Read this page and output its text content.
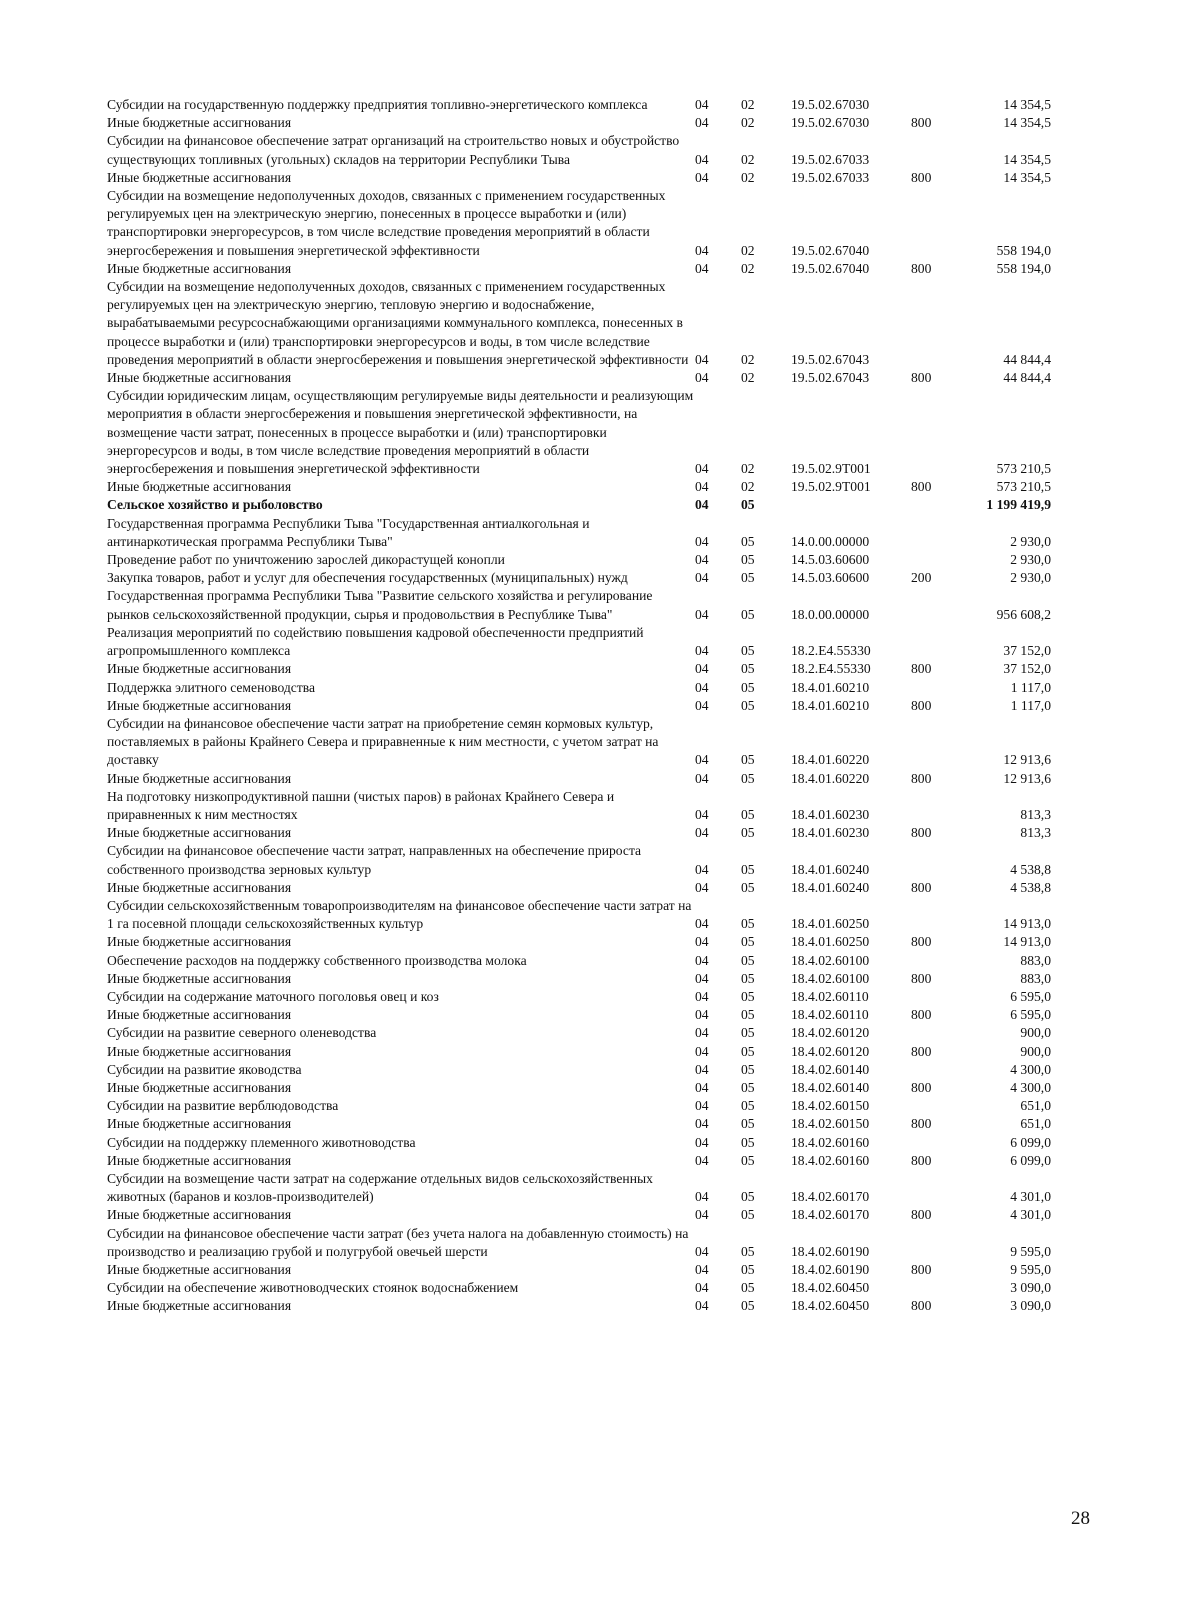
Субсидии на государственную поддержку предприятия топливно-энергетического комплекса	04	02	19.5.02.67030		14 354,5
Иные бюджетные ассигнования	04	02	19.5.02.67030	800	14 354,5
Субсидии на финансовое обеспечение затрат организаций на строительство новых и обустройство существующих топливных (угольных) складов на территории Республики Тыва	04	02	19.5.02.67033		14 354,5
Иные бюджетные ассигнования	04	02	19.5.02.67033	800	14 354,5
Субсидии на возмещение недополученных доходов, связанных с применением государственных регулируемых цен на электрическую энергию, понесенных в процессе выработки и (или) транспортировки энергоресурсов, в том числе вследствие проведения мероприятий в области энергосбережения и повышения энергетической эффективности	04	02	19.5.02.67040		558 194,0
Иные бюджетные ассигнования	04	02	19.5.02.67040	800	558 194,0
Субсидии на возмещение недополученных доходов, связанных с применением государственных регулируемых цен на электрическую энергию, тепловую энергию и водоснабжение, вырабатываемыми ресурсоснабжающими организациями коммунального комплекса, понесенных в процессе выработки и (или) транспортировки энергоресурсов и воды, в том числе вследствие проведения мероприятий в области энергосбережения и повышения энергетической эффективности	04	02	19.5.02.67043		44 844,4
Иные бюджетные ассигнования	04	02	19.5.02.67043	800	44 844,4
Субсидии юридическим лицам, осуществляющим регулируемые виды деятельности и реализующим мероприятия в области энергосбережения и повышения энергетической эффективности, на возмещение части затрат, понесенных в процессе выработки и (или) транспортировки энергоресурсов и воды, в том числе вследствие проведения мероприятий в области энергосбережения и повышения энергетической эффективности	04	02	19.5.02.9Т001		573 210,5
Иные бюджетные ассигнования	04	02	19.5.02.9Т001	800	573 210,5
Сельское хозяйство и рыболовство	04	05			1 199 419,9
Государственная программа Республики Тыва "Государственная антиалкогольная и антинаркотическая программа Республики Тыва"	04	05	14.0.00.00000		2 930,0
Проведение работ по уничтожению зарослей дикорастущей конопли	04	05	14.5.03.60600		2 930,0
Закупка товаров, работ и услуг для обеспечения государственных (муниципальных) нужд	04	05	14.5.03.60600	200	2 930,0
Государственная программа Республики Тыва "Развитие сельского хозяйства и регулирование рынков сельскохозяйственной продукции, сырья и продовольствия в Республике Тыва"	04	05	18.0.00.00000		956 608,2
Реализация мероприятий по содействию повышения кадровой обеспеченности предприятий агропромышленного комплекса	04	05	18.2.Е4.55330		37 152,0
Иные бюджетные ассигнования	04	05	18.2.Е4.55330	800	37 152,0
Поддержка элитного семеноводства	04	05	18.4.01.60210		1 117,0
Иные бюджетные ассигнования	04	05	18.4.01.60210	800	1 117,0
Субсидии на финансовое обеспечение части затрат на приобретение семян кормовых культур, поставляемых в районы Крайнего Севера и приравненные к ним местности, с учетом затрат на доставку	04	05	18.4.01.60220		12 913,6
Иные бюджетные ассигнования	04	05	18.4.01.60220	800	12 913,6
На подготовку низкопродуктивной пашни (чистых паров) в районах Крайнего Севера и приравненных к ним местностях	04	05	18.4.01.60230		813,3
Иные бюджетные ассигнования	04	05	18.4.01.60230	800	813,3
Субсидии на финансовое обеспечение части затрат, направленных на обеспечение прироста собственного производства зерновых культур	04	05	18.4.01.60240		4 538,8
Иные бюджетные ассигнования	04	05	18.4.01.60240	800	4 538,8
Субсидии сельскохозяйственным товаропроизводителям на финансовое обеспечение части затрат на 1 га посевной площади сельскохозяйственных культур	04	05	18.4.01.60250		14 913,0
Иные бюджетные ассигнования	04	05	18.4.01.60250	800	14 913,0
Обеспечение расходов на поддержку собственного производства молока	04	05	18.4.02.60100		883,0
Иные бюджетные ассигнования	04	05	18.4.02.60100	800	883,0
Субсидии на содержание маточного поголовья овец и коз	04	05	18.4.02.60110		6 595,0
Иные бюджетные ассигнования	04	05	18.4.02.60110	800	6 595,0
Субсидии на развитие северного оленеводства	04	05	18.4.02.60120		900,0
Иные бюджетные ассигнования	04	05	18.4.02.60120	800	900,0
Субсидии на развитие яководства	04	05	18.4.02.60140		4 300,0
Иные бюджетные ассигнования	04	05	18.4.02.60140	800	4 300,0
Субсидии на развитие верблюдоводства	04	05	18.4.02.60150		651,0
Иные бюджетные ассигнования	04	05	18.4.02.60150	800	651,0
Субсидии на поддержку племенного животноводства	04	05	18.4.02.60160		6 099,0
Иные бюджетные ассигнования	04	05	18.4.02.60160	800	6 099,0
Субсидии на возмещение части затрат на содержание отдельных видов сельскохозяйственных животных (баранов и козлов-производителей)	04	05	18.4.02.60170		4 301,0
Иные бюджетные ассигнования	04	05	18.4.02.60170	800	4 301,0
Субсидии на финансовое обеспечение части затрат (без учета налога на добавленную стоимость) на производство и реализацию грубой и полугрубой овечьей шерсти	04	05	18.4.02.60190		9 595,0
Иные бюджетные ассигнования	04	05	18.4.02.60190	800	9 595,0
Субсидии на обеспечение животноводческих стоянок водоснабжением	04	05	18.4.02.60450		3 090,0
Иные бюджетные ассигнования	04	05	18.4.02.60450	800	3 090,0
28
